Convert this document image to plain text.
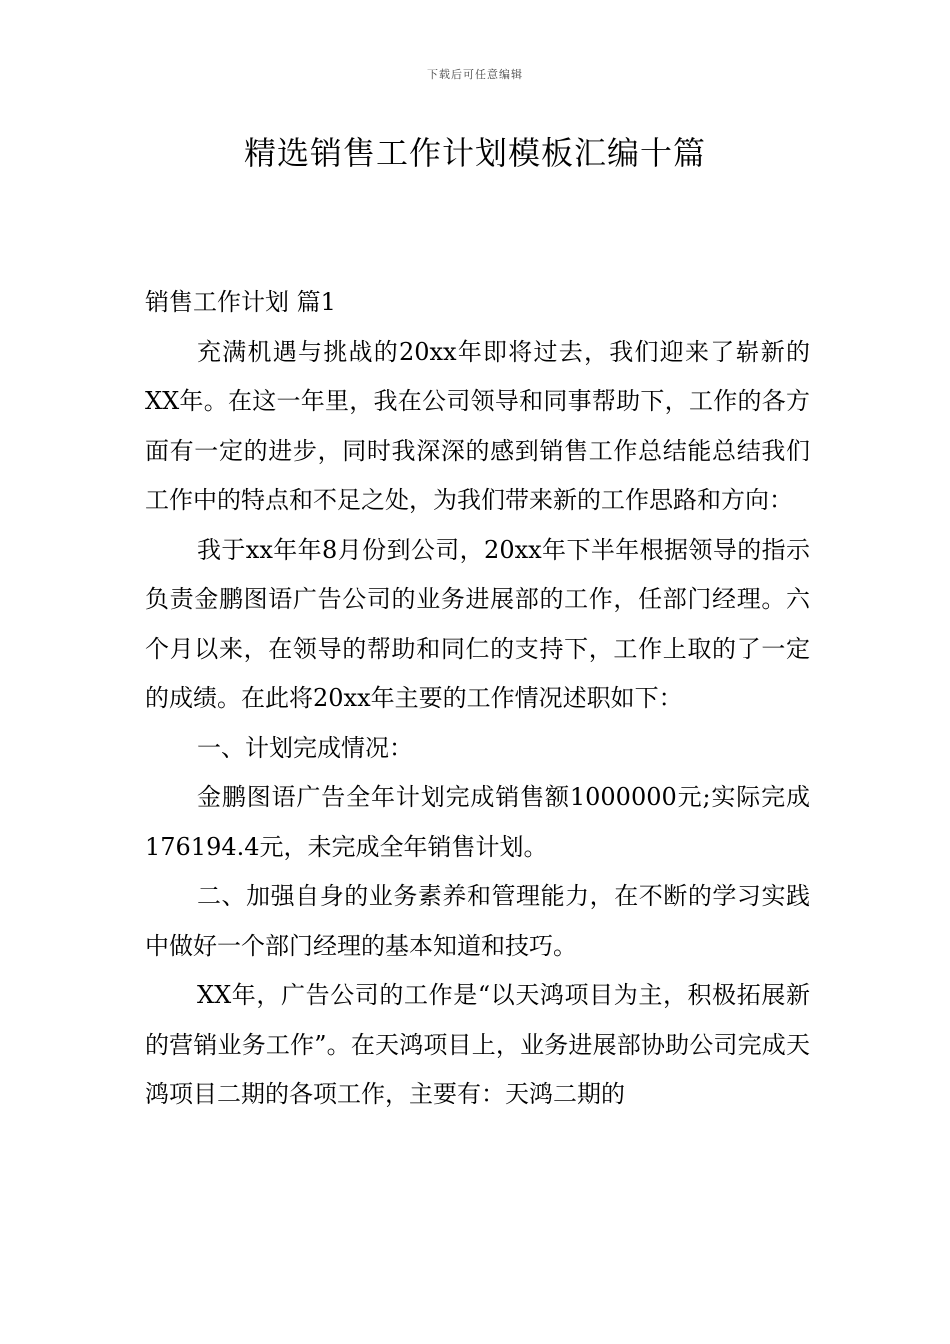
下载后可任意编辑
精选销售工作计划模板汇编十篇

销售工作计划 篇1

充满机遇与挑战的20xx年即将过去，我们迎来了崭新的XX年。在这一年里，我在公司领导和同事帮助下，工作的各方面有一定的进步，同时我深深的感到销售工作总结能总结我们工作中的特点和不足之处，为我们带来新的工作思路和方向：

我于xx年年8月份到公司，20xx年下半年根据领导的指示负责金鹏图语广告公司的业务进展部的工作，任部门经理。六个月以来，在领导的帮助和同仁的支持下，工作上取的了一定的成绩。在此将20xx年主要的工作情况述职如下：

一、计划完成情况：

金鹏图语广告全年计划完成销售额1000000元;实际完成176194.4元，未完成全年销售计划。

二、加强自身的业务素养和管理能力，在不断的学习实践中做好一个部门经理的基本知道和技巧。

XX年，广告公司的工作是“以天鸿项目为主，积极拓展新的营销业务工作”。在天鸿项目上，业务进展部协助公司完成天鸿项目二期的各项工作，主要有：天鸿二期的
